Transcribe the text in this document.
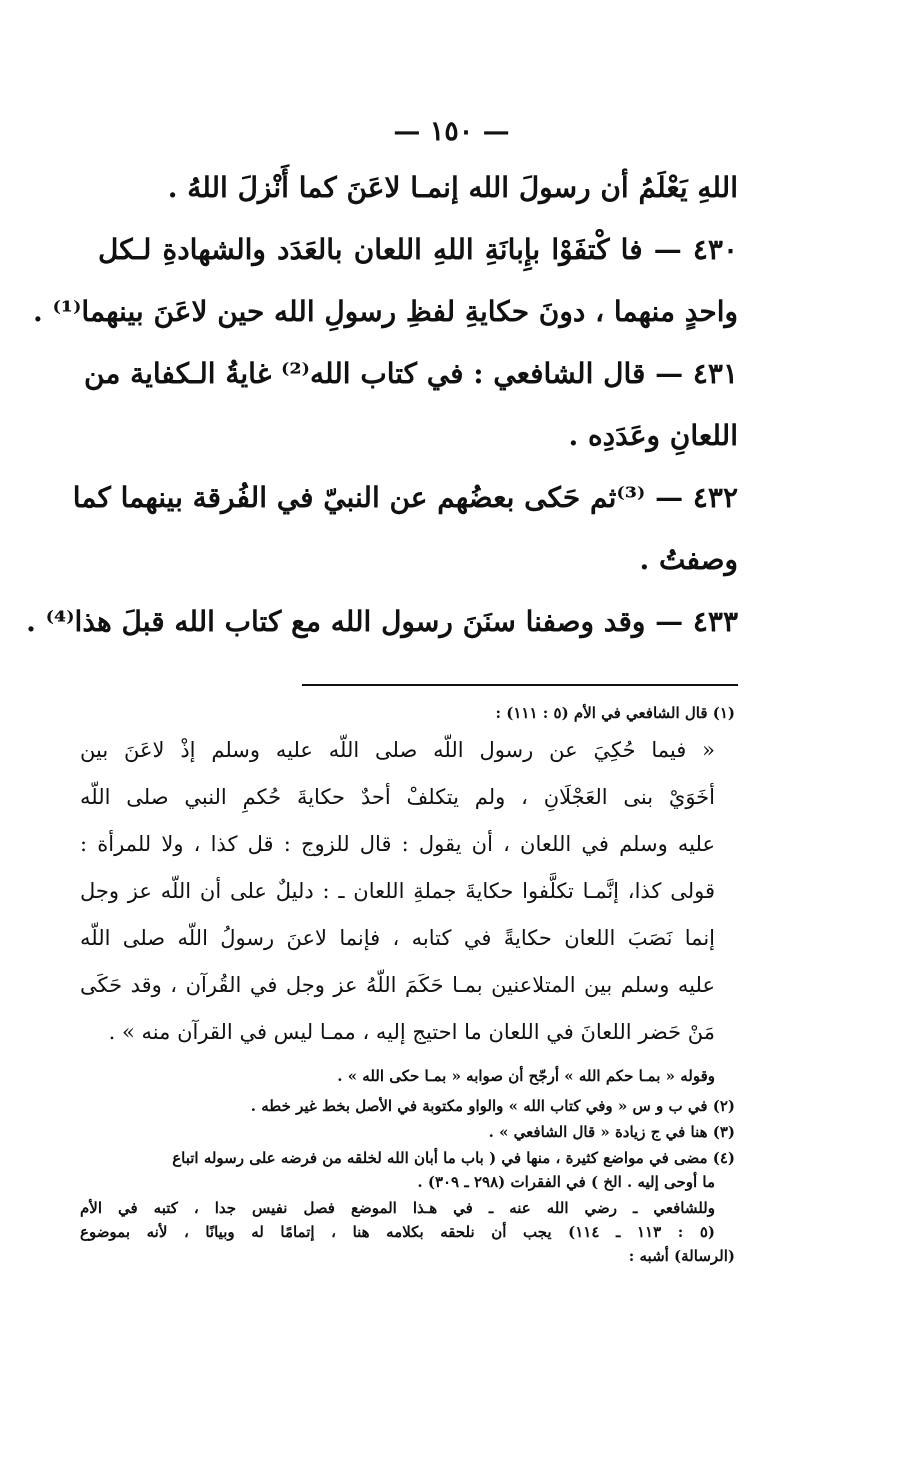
— ١٥٠ —
اللهِ يَعْلَمُ أن رسولَ الله إنمـا لاعَنَ كما أَنْزلَ اللهُ .
٤٣٠ — فا كْتفَوْا بإِبانَةِ اللهِ اللعان بالعَدَد والشهادةِ لـكل
واحدٍ منهما ، دونَ حكايةِ لفظِ رسولِ الله حين لاعَنَ بينهما⁽¹⁾ .
٤٣١ — قال الشافعي : في كتاب الله⁽²⁾ غايةُ الـكفاية من
اللعانِ وعَدَدِه .
٤٣٢ — ⁽³⁾ثم حَكى بعضُهم عن النبيّ في الفُرقة بينهما كما
وصفتُ .
٤٣٣ — وقد وصفنا سنَنَ رسول الله مع كتاب الله قبلَ هذا⁽⁴⁾ .
(١) قال الشافعي في الأم (٥ : ١١١) :
« فيما حُكِيَ عن رسول اللّه صلى اللّه عليه وسلم إذْ لاعَنَ بين
أخَوَيْ بنى العَجْلَانِ ، ولم يتكلفْ أحدٌ حكايةَ حُكمِ النبي صلى اللّه
عليه وسلم في اللعان ، أن يقول : قال للزوج : قل كذا ، ولا للمرأة :
قولى كذا، إنَّمـا تكلَّفوا حكايةَ جملةِ اللعان ـ : دليلٌ على أن اللّه عز وجل
إنما نَصَبَ اللعان حكايةً في كتابه ، فإنما لاعنَ رسولُ اللّه صلى اللّه
عليه وسلم بين المتلاعنين بمـا حَكَمَ اللّهُ عز وجل في القُرآن ، وقد حَكَى
مَنْ حَضر اللعانَ في اللعان ما احتيج إليه ، ممـا ليس في القرآن منه » .
وقوله « بمـا حكم الله » أرجّح أن صوابه « بمـا حكى الله » .
(٢) في ب و س « وفي كتاب الله » والواو مكتوبة في الأصل بخط غير خطه .
(٣) هنا في ج زيادة « قال الشافعي » .
(٤) مضى في مواضع كثيرة ، منها في ( باب ما أبان الله لخلقه من فرضه على رسوله اتباع
ما أوحى إليه . الخ ) في الفقرات (٢٩٨ ـ ٣٠٩) .
وللشافعي ـ رضي الله عنه ـ في هـذا الموضع فصل نفيس جدا ، كتبه في الأم
(٥ : ١١٣ ـ ١١٤) يجب أن نلحقه بكلامه هنا ، إتمامًا له وبيانًا ، لأنه بموضوع
(الرسالة) أشبه :
